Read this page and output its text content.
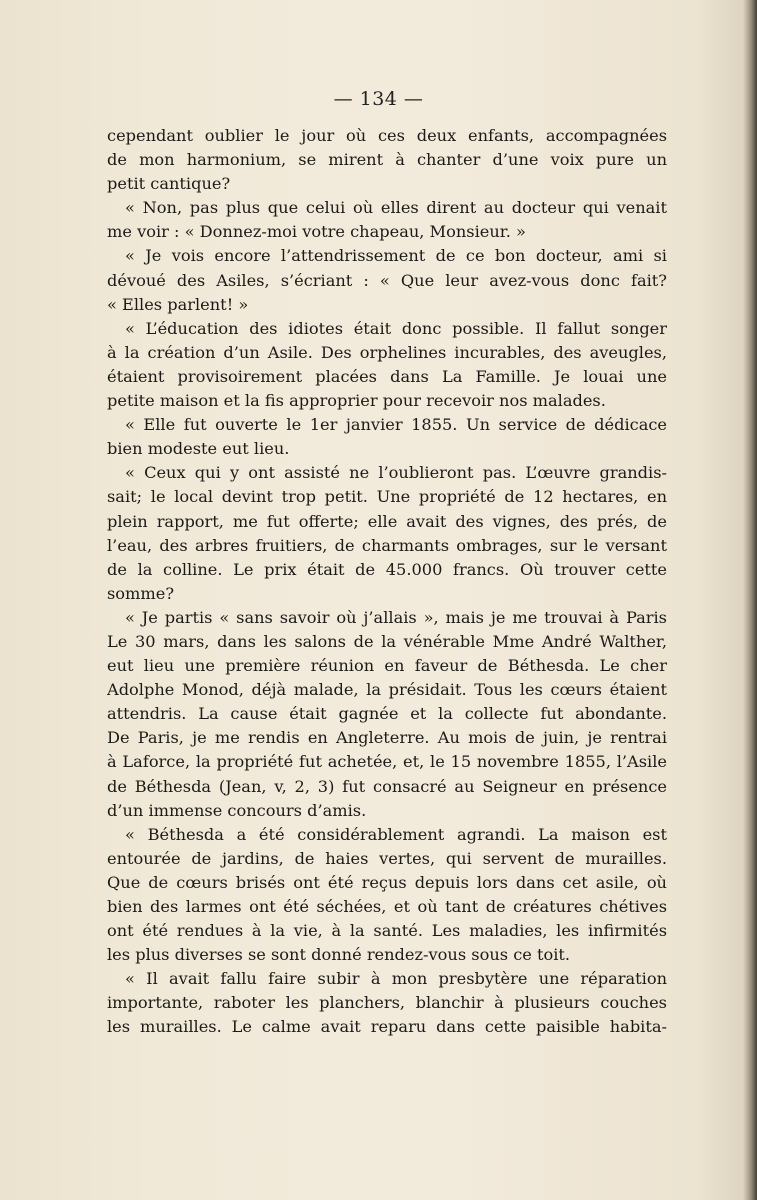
— 134 —
cependant oublier le jour où ces deux enfants, accompagnées
de mon harmonium, se mirent à chanter d’une voix pure un
petit cantique?
« Non, pas plus que celui où elles dirent au docteur qui venait
me voir : « Donnez-moi votre chapeau, Monsieur. »
« Je vois encore l’attendrissement de ce bon docteur, ami si
dévoué des Asiles, s’écriant : « Que leur avez-vous donc fait?
« Elles parlent! »
« L’éducation des idiotes était donc possible. Il fallut songer
à la création d’un Asile. Des orphelines incurables, des aveugles,
étaient provisoirement placées dans La Famille. Je louai une
petite maison et la fis approprier pour recevoir nos malades.
« Elle fut ouverte le 1er janvier 1855. Un service de dédicace
bien modeste eut lieu.
« Ceux qui y ont assisté ne l’oublieront pas. L’œuvre grandis-
sait; le local devint trop petit. Une propriété de 12 hectares, en
plein rapport, me fut offerte; elle avait des vignes, des prés, de
l’eau, des arbres fruitiers, de charmants ombrages, sur le versant
de la colline. Le prix était de 45.000 francs. Où trouver cette
somme?
« Je partis « sans savoir où j’allais », mais je me trouvai à Paris
Le 30 mars, dans les salons de la vénérable Mme André Walther,
eut lieu une première réunion en faveur de Béthesda. Le cher
Adolphe Monod, déjà malade, la présidait. Tous les cœurs étaient
attendris. La cause était gagnée et la collecte fut abondante.
De Paris, je me rendis en Angleterre. Au mois de juin, je rentrai
à Laforce, la propriété fut achetée, et, le 15 novembre 1855, l’Asile
de Béthesda (Jean, v, 2, 3) fut consacré au Seigneur en présence
d’un immense concours d’amis.
« Béthesda a été considérablement agrandi. La maison est
entourée de jardins, de haies vertes, qui servent de murailles.
Que de cœurs brisés ont été reçus depuis lors dans cet asile, où
bien des larmes ont été séchées, et où tant de créatures chétives
ont été rendues à la vie, à la santé. Les maladies, les infirmités
les plus diverses se sont donné rendez-vous sous ce toit.
« Il avait fallu faire subir à mon presbytère une réparation
importante, raboter les planchers, blanchir à plusieurs couches
les murailles. Le calme avait reparu dans cette paisible habita-
